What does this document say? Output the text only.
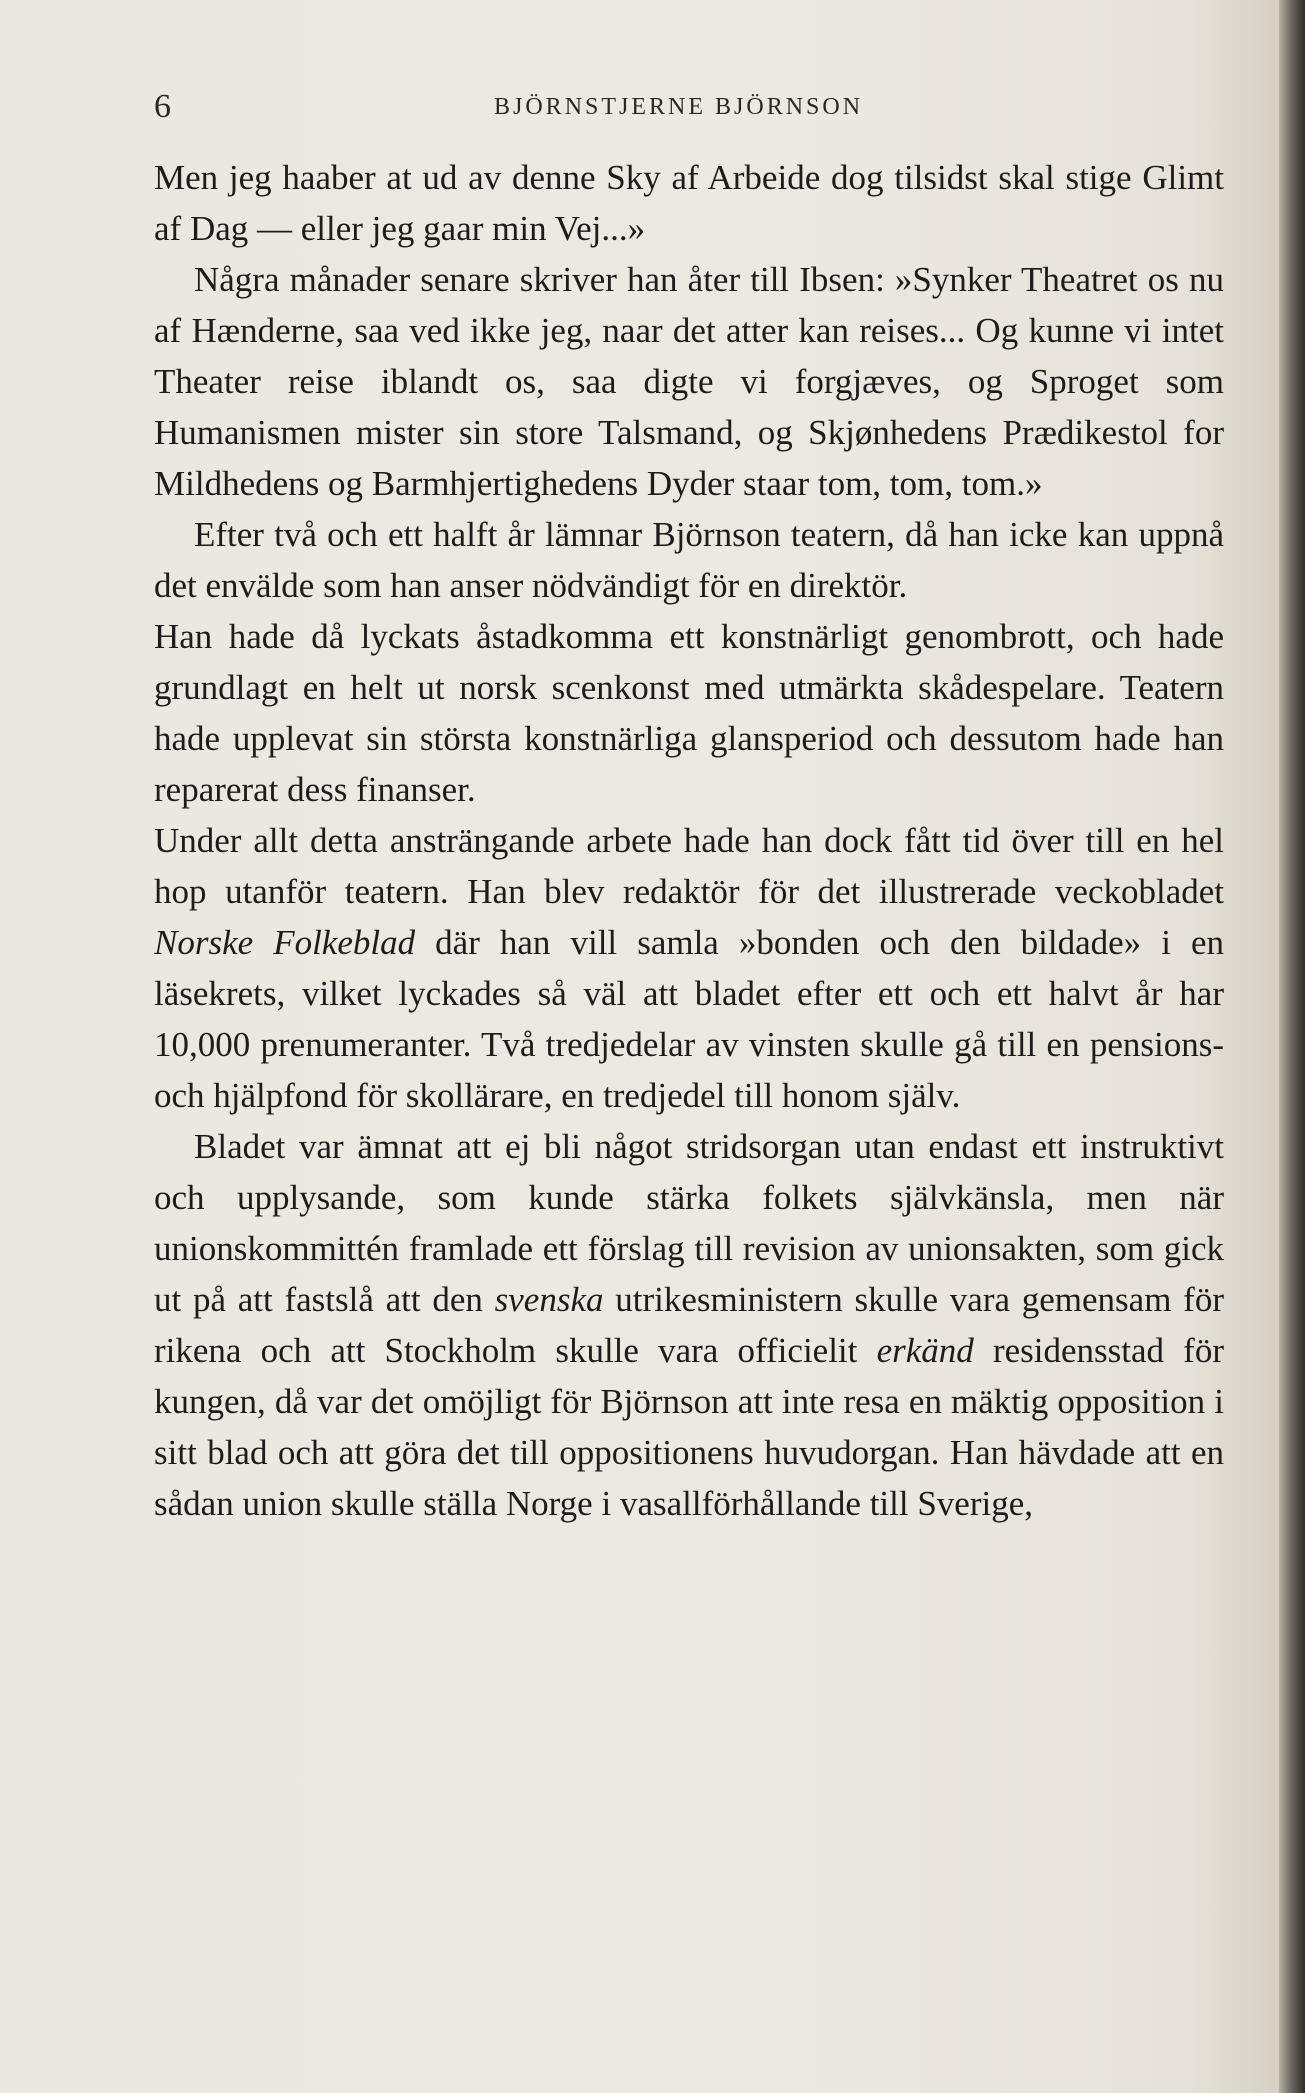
6	BJÖRNSTJERNE BJÖRNSON

Men jeg haaber at ud av denne Sky af Arbeide dog tilsidst skal stige Glimt af Dag — eller jeg gaar min Vej...»

Några månader senare skriver han åter till Ibsen: »Synker Theatret os nu af Hænderne, saa ved ikke jeg, naar det atter kan reises... Og kunne vi intet Theater reise iblandt os, saa digte vi forgjæves, og Sproget som Humanismen mister sin store Talsmand, og Skjønhedens Prædikestol for Mildhedens og Barmhjertighedens Dyder staar tom, tom, tom.»

Efter två och ett halft år lämnar Björnson teatern, då han icke kan uppnå det envälde som han anser nödvändigt för en direktör.

Han hade då lyckats åstadkomma ett konstnärligt genombrott, och hade grundlagt en helt ut norsk scenkonst med utmärkta skådespelare. Teatern hade upplevat sin största konstnärliga glansperiod och dessutom hade han reparerat dess finanser.

Under allt detta ansträngande arbete hade han dock fått tid över till en hel hop utanför teatern. Han blev redaktör för det illustrerade veckobladet Norske Folkeblad där han vill samla »bonden och den bildade» i en läsekrets, vilket lyckades så väl att bladet efter ett och ett halvt år har 10,000 prenumeranter. Två tredjedelar av vinsten skulle gå till en pensions- och hjälpfond för skollärare, en tredjedel till honom själv.

Bladet var ämnat att ej bli något stridsorgan utan endast ett instruktivt och upplysande, som kunde stärka folkets självkänsla, men när unionskommittén framlade ett förslag till revision av unionsakten, som gick ut på att fastslå att den svenska utrikesministern skulle vara gemensam för rikena och att Stockholm skulle vara officielit erkänd residensstad för kungen, då var det omöjligt för Björnson att inte resa en mäktig opposition i sitt blad och att göra det till oppositionens huvudorgan. Han hävdade att en sådan union skulle ställa Norge i vasallförhållande till Sverige,
